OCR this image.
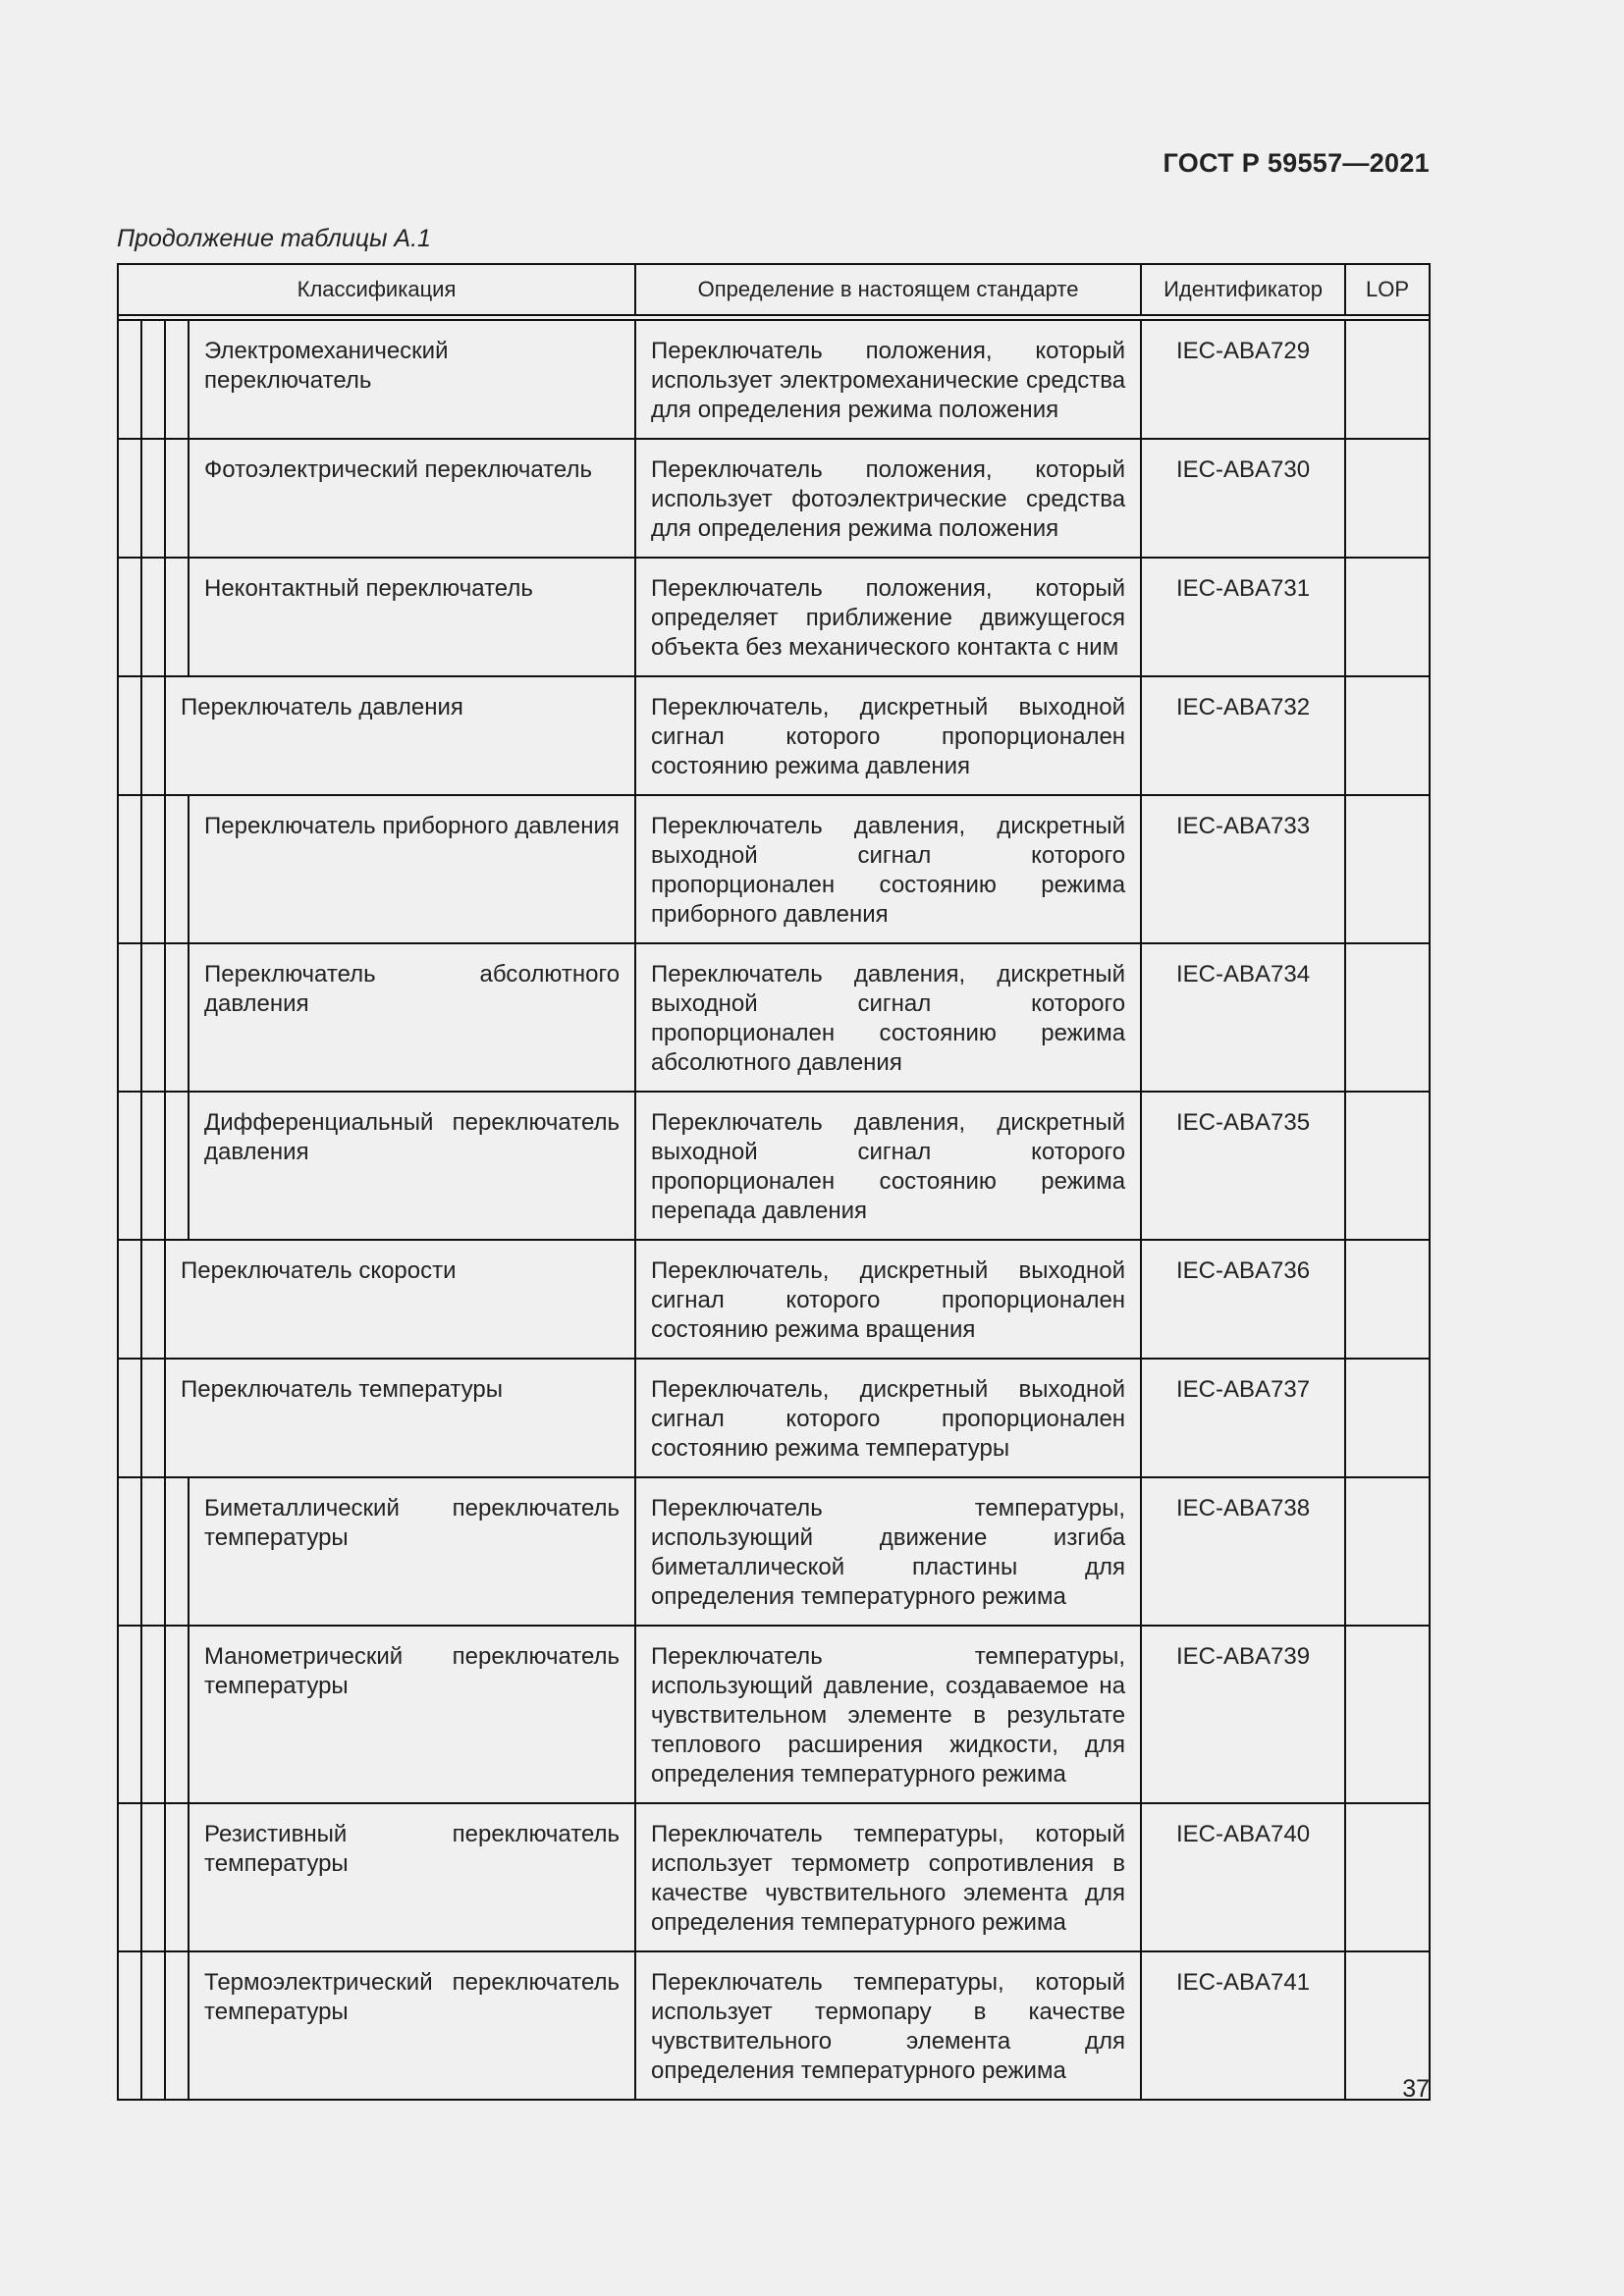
ГОСТ Р 59557—2021
Продолжение таблицы А.1
Классификация				Определение в настоящем стандарте	Идентификатор	LOP

			Электромеханический переключатель	Переключатель положения, который использует электромеханические средства для определения режима положения	IEC-ABA729	
			Фотоэлектрический переключатель	Переключатель положения, который использует фотоэлектрические средства для определения режима положения	IEC-ABA730	
			Неконтактный переключатель	Переключатель положения, который определяет приближение движущегося объекта без механического контакта с ним	IEC-ABA731	
		Переключатель давления		Переключатель, дискретный выходной сигнал которого пропорционален состоянию режима давления	IEC-ABA732	
			Переключатель приборного давления	Переключатель давления, дискретный выходной сигнал которого пропорционален состоянию режима приборного давления	IEC-ABA733	
			Переключатель абсолютного давления	Переключатель давления, дискретный выходной сигнал которого пропорционален состоянию режима абсолютного давления	IEC-ABA734	
			Дифференциальный переключатель давления	Переключатель давления, дискретный выходной сигнал которого пропорционален состоянию режима перепада давления	IEC-ABA735	
		Переключатель скорости		Переключатель, дискретный выходной сигнал которого пропорционален состоянию режима вращения	IEC-ABA736	
		Переключатель температуры		Переключатель, дискретный выходной сигнал которого пропорционален состоянию режима температуры	IEC-ABA737	
			Биметаллический переключатель температуры	Переключатель температуры, использующий движение изгиба биметаллической пластины для определения температурного режима	IEC-ABA738	
			Манометрический переключатель температуры	Переключатель температуры, использующий давление, создаваемое на чувствительном элементе в результате теплового расширения жидкости, для определения температурного режима	IEC-ABA739	
			Резистивный переключатель температуры	Переключатель температуры, который использует термометр сопротивления в качестве чувствительного элемента для определения температурного режима	IEC-ABA740	
			Термоэлектрический переключатель температуры	Переключатель температуры, который использует термопару в качестве чувствительного элемента для определения температурного режима	IEC-ABA741	
37
